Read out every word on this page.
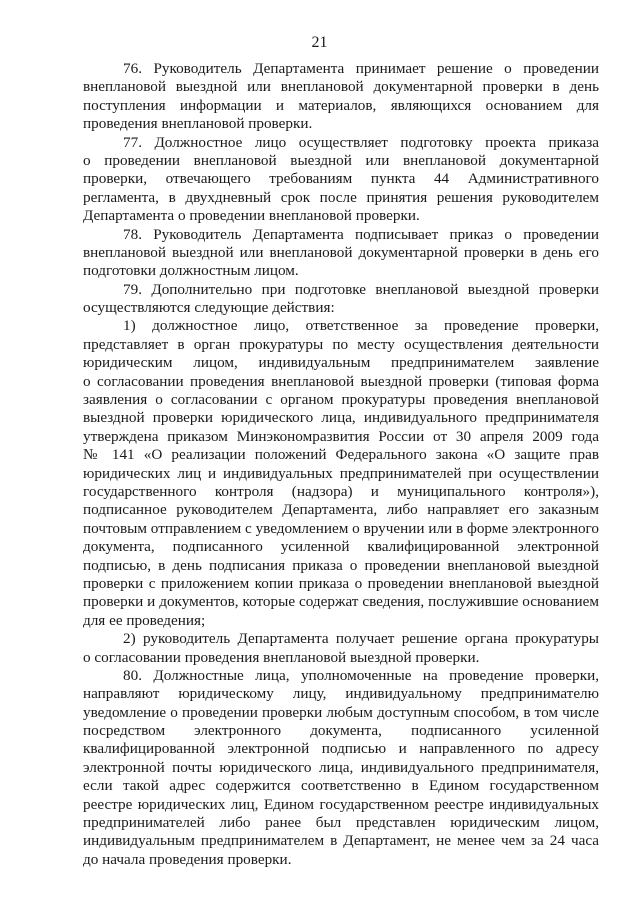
21
76. Руководитель Департамента принимает решение о проведении
внеплановой выездной или внеплановой документарной проверки в день
поступления информации и материалов, являющихся основанием для
проведения внеплановой проверки.
77. Должностное лицо осуществляет подготовку проекта приказа
о проведении внеплановой выездной или внеплановой документарной
проверки, отвечающего требованиям пункта 44 Административного
регламента, в двухдневный срок после принятия решения руководителем
Департамента о проведении внеплановой проверки.
78. Руководитель Департамента подписывает приказ о проведении
внеплановой выездной или внеплановой документарной проверки в день его
подготовки должностным лицом.
79. Дополнительно при подготовке внеплановой выездной проверки
осуществляются следующие действия:
1) должностное лицо, ответственное за проведение проверки,
представляет в орган прокуратуры по месту осуществления деятельности
юридическим лицом, индивидуальным предпринимателем заявление
о согласовании проведения внеплановой выездной проверки (типовая форма
заявления о согласовании с органом прокуратуры проведения внеплановой
выездной проверки юридического лица, индивидуального предпринимателя
утверждена приказом Минэкономразвития России от 30 апреля 2009 года
№ 141 «О реализации положений Федерального закона «О защите прав
юридических лиц и индивидуальных предпринимателей при осуществлении
государственного контроля (надзора) и муниципального контроля»),
подписанное руководителем Департамента, либо направляет его заказным
почтовым отправлением с уведомлением о вручении или в форме электронного
документа, подписанного усиленной квалифицированной электронной
подписью, в день подписания приказа о проведении внеплановой выездной
проверки с приложением копии приказа о проведении внеплановой выездной
проверки и документов, которые содержат сведения, послужившие основанием
для ее проведения;
2) руководитель Департамента получает решение органа прокуратуры
о согласовании проведения внеплановой выездной проверки.
80. Должностные лица, уполномоченные на проведение проверки,
направляют юридическому лицу, индивидуальному предпринимателю
уведомление о проведении проверки любым доступным способом, в том числе
посредством электронного документа, подписанного усиленной
квалифицированной электронной подписью и направленного по адресу
электронной почты юридического лица, индивидуального предпринимателя,
если такой адрес содержится соответственно в Едином государственном
реестре юридических лиц, Едином государственном реестре индивидуальных
предпринимателей либо ранее был представлен юридическим лицом,
индивидуальным предпринимателем в Департамент, не менее чем за 24 часа
до начала проведения проверки.
